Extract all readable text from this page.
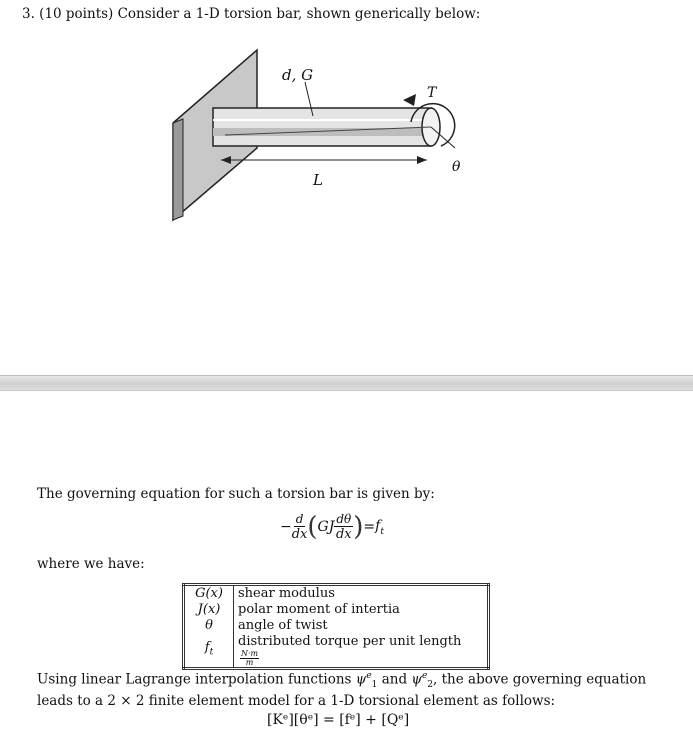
3. (10 points) Consider a 1-D torsion bar, shown generically below:
d, G
T
L
θ
The governing equation for such a torsion bar is given by:
− $\frac{d}{dx}$ ( GJ $\frac{d\theta}{dx}$ ) = $f_t$
where we have:
G(x)	shear modulus
J(x)	polar moment of intertia
θ	angle of twist
$f_t$	distributed torque per unit length
$\frac{N\cdot m}{m}$
Using linear Lagrange interpolation functions $\psi^e_1$ and $\psi^e_2$, the above governing equation leads to a 2 × 2 finite element model for a 1-D torsional element as follows:
[Kᵉ][θᵉ] = [fᵉ] + [Qᵉ]
